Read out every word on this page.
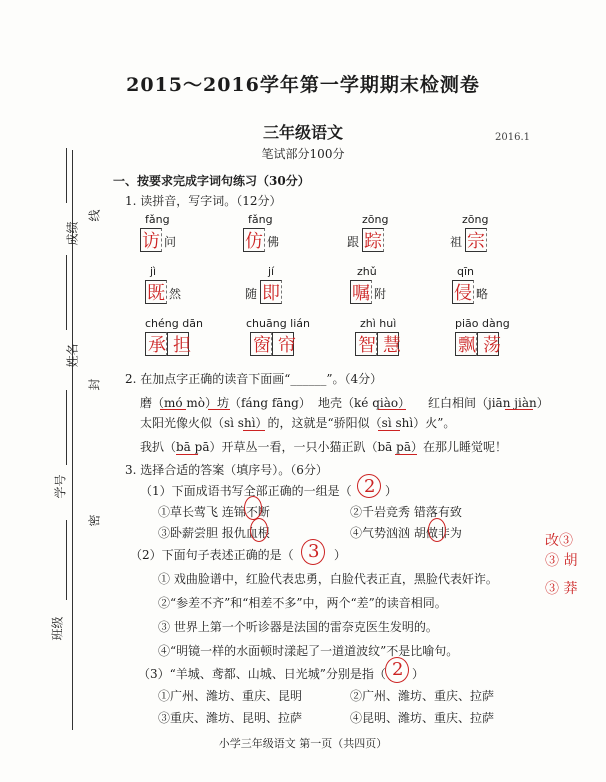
成绩
线
姓名
封
学号
密
班级
2015～2016学年第一学期期末检测卷
三年级语文
笔试部分100分
2016.1
一、按要求完成字词句练习（30分）
1. 读拼音，写字词。（12分）
fǎng
访 问
fǎng
仿 佛
zōng
跟 踪
zōng
祖 宗
jì
既 然
jí
随 即
zhǔ
嘱 附
qīn
侵 略
chéng dān
承 担
chuāng lián
窗 帘
zhì huì
智 慧
piāo dàng
飘 荡
2. 在加点字正确的读音下面画“______”。（4分）
磨（mó mò）坊（fáng fāng） 地壳（ké qiào） 红白相间（jiān jiàn）
太阳光像火似（sì shì）的，这就是“骄阳似（sì shì）火”。
我扒（bā pā）开草丛一看，一只小猫正趴（bā pā）在那儿睡觉呢！
3. 选择合适的答案（填序号）。（6分）
（1）下面成语书写全部正确的一组是（ 2 ）
①草长莺飞 连锦不断	②千岩竞秀 错落有致
③卧薪尝胆 报仇血根	④气势汹汹 胡做非为
（2）下面句子表述正确的是（ 3 ）
① 戏曲脸谱中，红脸代表忠勇，白脸代表正直，黑脸代表奸诈。
②“参差不齐”和“相差不多”中，两个“差”的读音相同。
③ 世界上第一个听诊器是法国的雷奈克医生发明的。
④“明镜一样的水面顿时漾起了一道道波纹”不是比喻句。
（3）“羊城、鸢都、山城、日光城”分别是指（ 2 ）
①广州、潍坊、重庆、昆明	②广州、潍坊、重庆、拉萨
③重庆、潍坊、昆明、拉萨	④昆明、潍坊、重庆、拉萨
改③
③ 胡
③ 莽
小学三年级语文 第一页（共四页）
